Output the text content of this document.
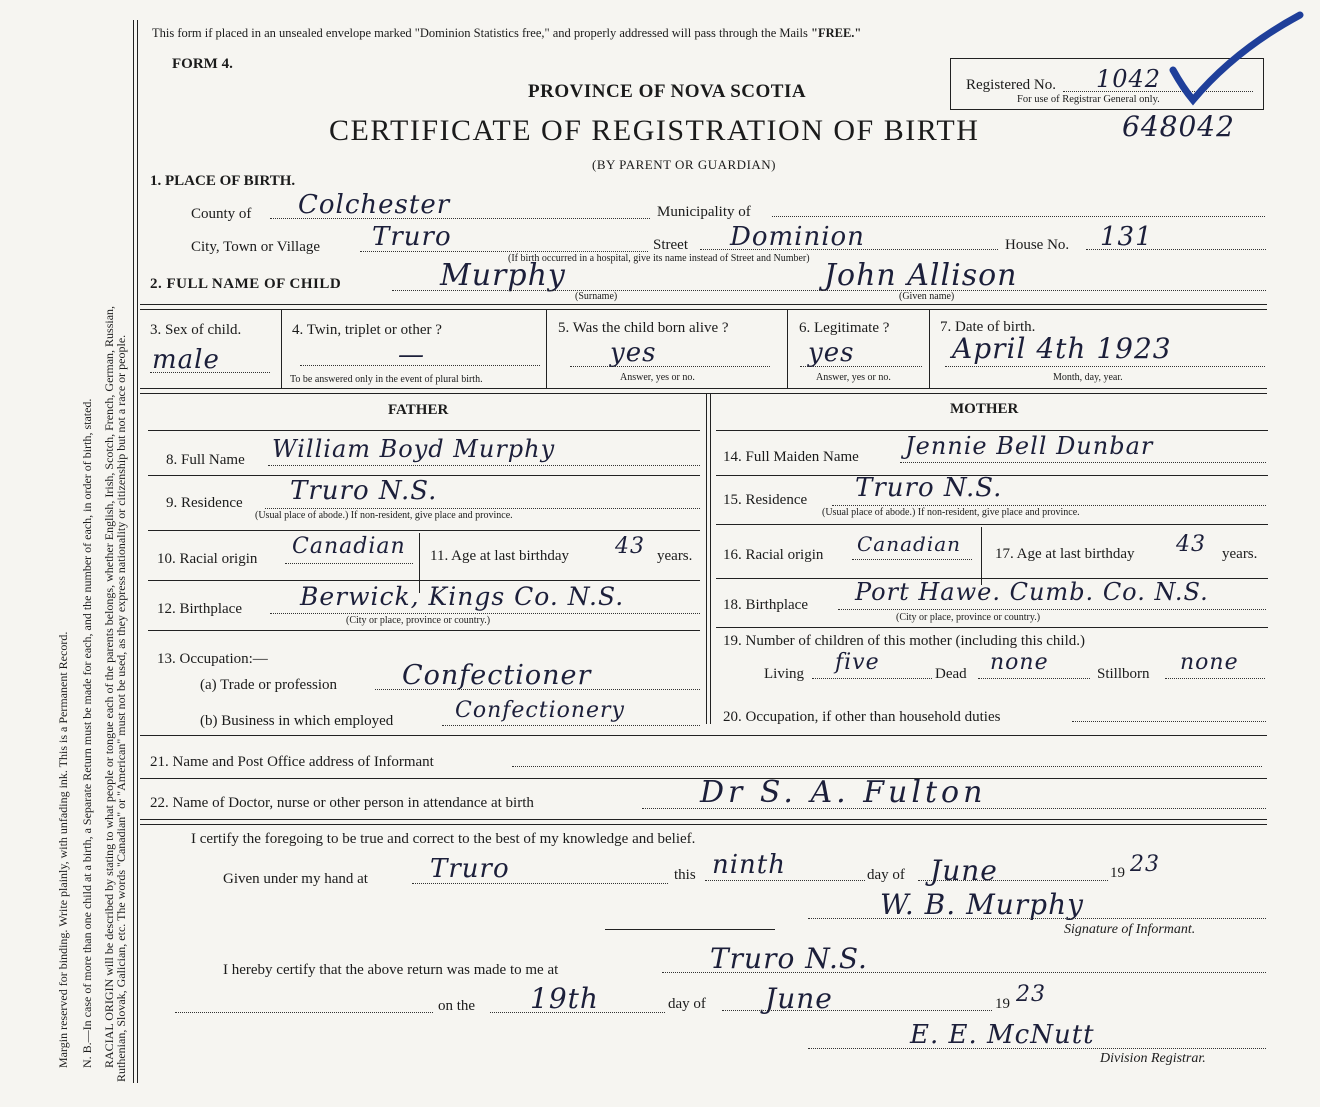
Margin reserved for binding. Write plainly, with unfading ink. This is a Permanent Record. N. B.—In case of more than one child at a birth, a Separate Return must be made for each, and the number of each, in order of birth, stated. RACIAL ORIGIN will be described by stating to what people or tongue each of the parents belongs, whether English, Irish, Scotch, French, German, Russian,
Ruthenian, Slovak, Galician, etc. The words "Canadian" or "American" must not be used, as they express nationality or citizenship but not a race or people.
This form if placed in an unsealed envelope marked "Dominion Statistics free," and properly addressed will pass through the Mails "FREE."
FORM 4.
PROVINCE OF NOVA SCOTIA
CERTIFICATE OF REGISTRATION OF BIRTH
(BY PARENT OR GUARDIAN)
Registered No. 1042
For use of Registrar General only.
648042
1. PLACE OF BIRTH.
County of Colchester	Municipality of
City, Town or Village Truro	Street Dominion	House No. 131
(If birth occurred in a hospital, give its name instead of Street and Number)
2. FULL NAME OF CHILD	Murphy	John Allison
(Surname)	(Given name)
3. Sex of child.
male
4. Twin, triplet or other ?
—
To be answered only in the event of plural birth.
5. Was the child born alive ?
yes
Answer, yes or no.
6. Legitimate ?
yes
Answer, yes or no.
7. Date of birth.
April 4th 1923
Month, day, year.
FATHER	MOTHER
8. Full Name William Boyd Murphy
9. Residence Truro N.S.
(Usual place of abode.) If non-resident, give place and province.
10. Racial origin Canadian 11. Age at last birthday 43 years.
12. Birthplace Berwick, Kings Co. N.S.
(City or place, province or country.)
13. Occupation:—
(a) Trade or profession Confectioner
(b) Business in which employed	Confectionery
14. Full Maiden Name Jennie Bell Dunbar
15. Residence Truro N.S.
(Usual place of abode.) If non-resident, give place and province.
16. Racial origin Canadian 17. Age at last birthday 43 years.
18. Birthplace Port Hawe. Cumb. Co. N.S.
(City or place, province or country.)
19. Number of children of this mother (including this child.)
Living five	Dead none	Stillborn none
20. Occupation, if other than household duties
21. Name and Post Office address of Informant
22. Name of Doctor, nurse or other person in attendance at birth	Dr S. A. Fulton
I certify the foregoing to be true and correct to the best of my knowledge and belief.
Given under my hand at Truro	this ninth	day of June	19 23
W. B. Murphy
Signature of Informant.
I hereby certify that the above return was made to me at	Truro N.S.
on the 19th	day of June	19 23
E. E. McNutt
Division Registrar.
